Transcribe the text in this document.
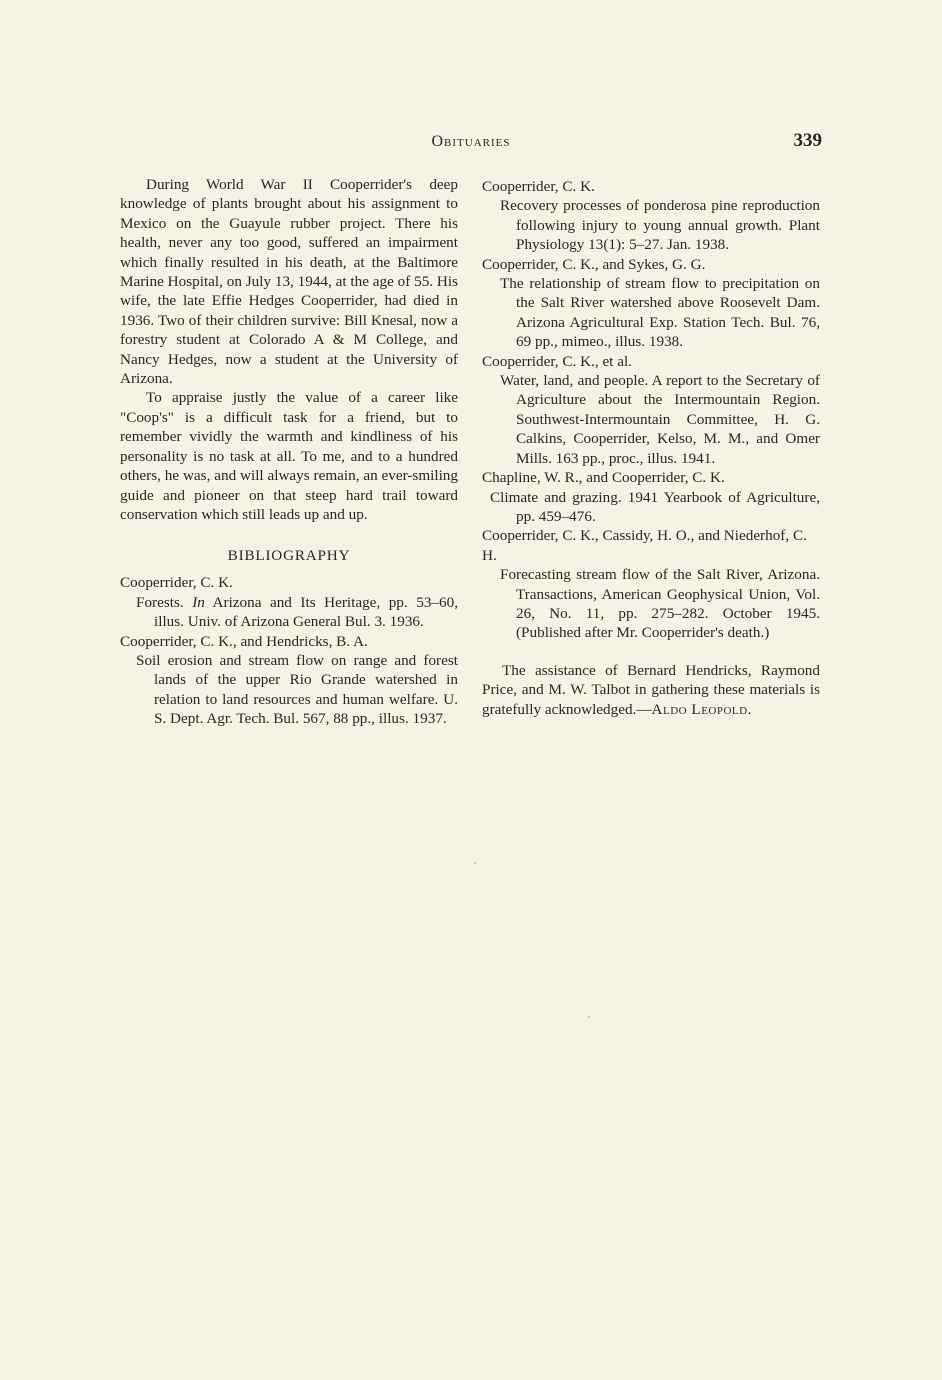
Obituaries	339

During World War II Cooperrider's deep knowledge of plants brought about his assignment to Mexico on the Guayule rubber project. There his health, never any too good, suffered an impairment which finally resulted in his death, at the Baltimore Marine Hospital, on July 13, 1944, at the age of 55. His wife, the late Effie Hedges Cooperrider, had died in 1936. Two of their children survive: Bill Knesal, now a forestry student at Colorado A & M College, and Nancy Hedges, now a student at the University of Arizona.

To appraise justly the value of a career like "Coop's" is a difficult task for a friend, but to remember vividly the warmth and kindliness of his personality is no task at all. To me, and to a hundred others, he was, and will always remain, an ever-smiling guide and pioneer on that steep hard trail toward conservation which still leads up and up.

BIBLIOGRAPHY

Cooperrider, C. K.

Forests. In Arizona and Its Heritage, pp. 53–60, illus. Univ. of Arizona General Bul. 3. 1936.

Cooperrider, C. K., and Hendricks, B. A.

Soil erosion and stream flow on range and forest lands of the upper Rio Grande watershed in relation to land resources and human welfare. U. S. Dept. Agr. Tech. Bul. 567, 88 pp., illus. 1937.

Cooperrider, C. K.

Recovery processes of ponderosa pine reproduction following injury to young annual growth. Plant Physiology 13(1): 5–27. Jan. 1938.

Cooperrider, C. K., and Sykes, G. G.

The relationship of stream flow to precipitation on the Salt River watershed above Roosevelt Dam. Arizona Agricultural Exp. Station Tech. Bul. 76, 69 pp., mimeo., illus. 1938.

Cooperrider, C. K., et al.

Water, land, and people. A report to the Secretary of Agriculture about the Intermountain Region. Southwest-Intermountain Committee, H. G. Calkins, Cooperrider, Kelso, M. M., and Omer Mills. 163 pp., proc., illus. 1941.

Chapline, W. R., and Cooperrider, C. K.

Climate and grazing. 1941 Yearbook of Agriculture, pp. 459–476.

Cooperrider, C. K., Cassidy, H. O., and Niederhof, C. H.

Forecasting stream flow of the Salt River, Arizona. Transactions, American Geophysical Union, Vol. 26, No. 11, pp. 275–282. October 1945. (Published after Mr. Cooperrider's death.)

The assistance of Bernard Hendricks, Raymond Price, and M. W. Talbot in gathering these materials is gratefully acknowledged.—Aldo Leopold.
